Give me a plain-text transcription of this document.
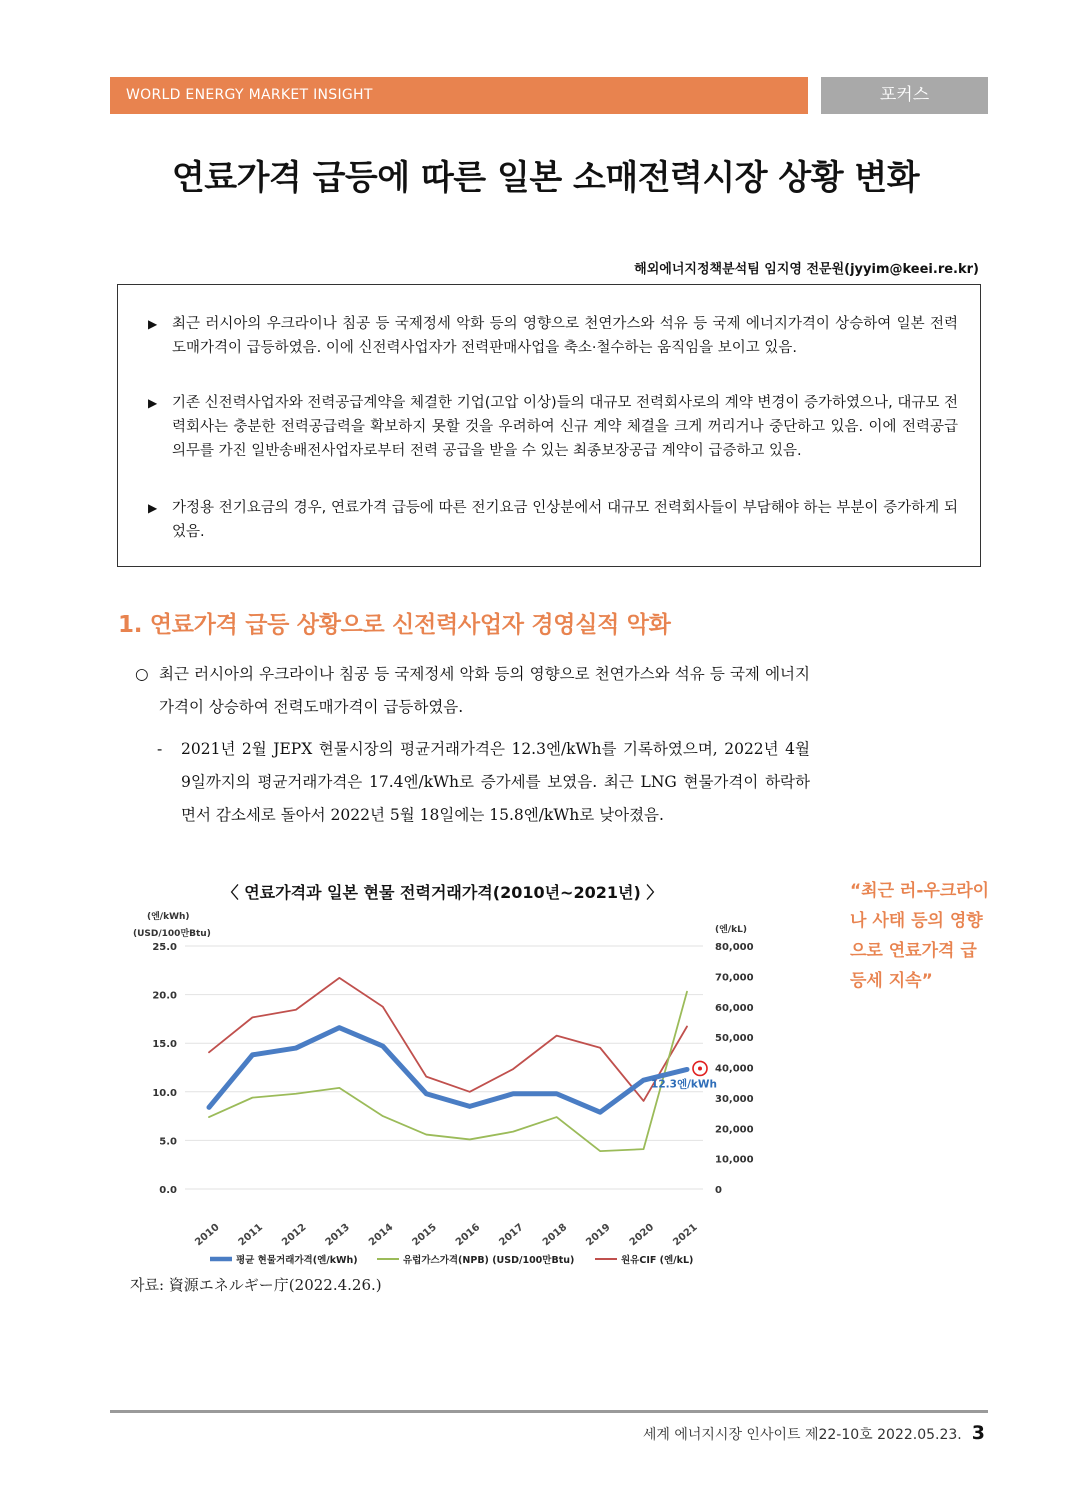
WORLD ENERGY MARKET INSIGHT	포커스
연료가격 급등에 따른 일본 소매전력시장 상황 변화
해외에너지정책분석팀 임지영 전문원(jyyim@keei.re.kr)
▶ 최근 러시아의 우크라이나 침공 등 국제정세 악화 등의 영향으로 천연가스와 석유 등 국제 에너지가격이 상승하여 일본 전력도매가격이 급등하였음. 이에 신전력사업자가 전력판매사업을 축소·철수하는 움직임을 보이고 있음.
▶ 기존 신전력사업자와 전력공급계약을 체결한 기업(고압 이상)들의 대규모 전력회사로의 계약 변경이 증가하였으나, 대규모 전력회사는 충분한 전력공급력을 확보하지 못할 것을 우려하여 신규 계약 체결을 크게 꺼리거나 중단하고 있음. 이에 전력공급의무를 가진 일반송배전사업자로부터 전력 공급을 받을 수 있는 최종보장공급 계약이 급증하고 있음.
▶ 가정용 전기요금의 경우, 연료가격 급등에 따른 전기요금 인상분에서 대규모 전력회사들이 부담해야 하는 부분이 증가하게 되었음.
1. 연료가격 급등 상황으로 신전력사업자 경영실적 악화
○ 최근 러시아의 우크라이나 침공 등 국제정세 악화 등의 영향으로 천연가스와 석유 등 국제 에너지가격이 상승하여 전력도매가격이 급등하였음.
- 2021년 2월 JEPX 현물시장의 평균거래가격은 12.3엔/kWh를 기록하였으며, 2022년 4월 9일까지의 평균거래가격은 17.4엔/kWh로 증가세를 보였음. 최근 LNG 현물가격이 하락하면서 감소세로 돌아서 2022년 5월 18일에는 15.8엔/kWh로 낮아졌음.
“최근 러-우크라이나 사태 등의 영향으로 연료가격 급등세 지속”
〈 연료가격과 일본 현물 전력거래가격(2010년~2021년) 〉
(엔/kWh)
(USD/100만Btu)	(엔/kL)
25.0
20.0
15.0
10.0
5.0
0.0
80,000
70,000
60,000
50,000
40,000
30,000
20,000
10,000
0
2010 2011 2012 2013 2014 2015 2016 2017 2018 2019 2020 2021
12.3엔/kWh
평균 현물거래가격(엔/kWh)	유럽가스가격(NPB) (USD/100만Btu)	원유CIF (엔/kL)
자료: 資源エネルギー庁(2022.4.26.)
세계 에너지시장 인사이트 제22-10호 2022.05.23. 3
